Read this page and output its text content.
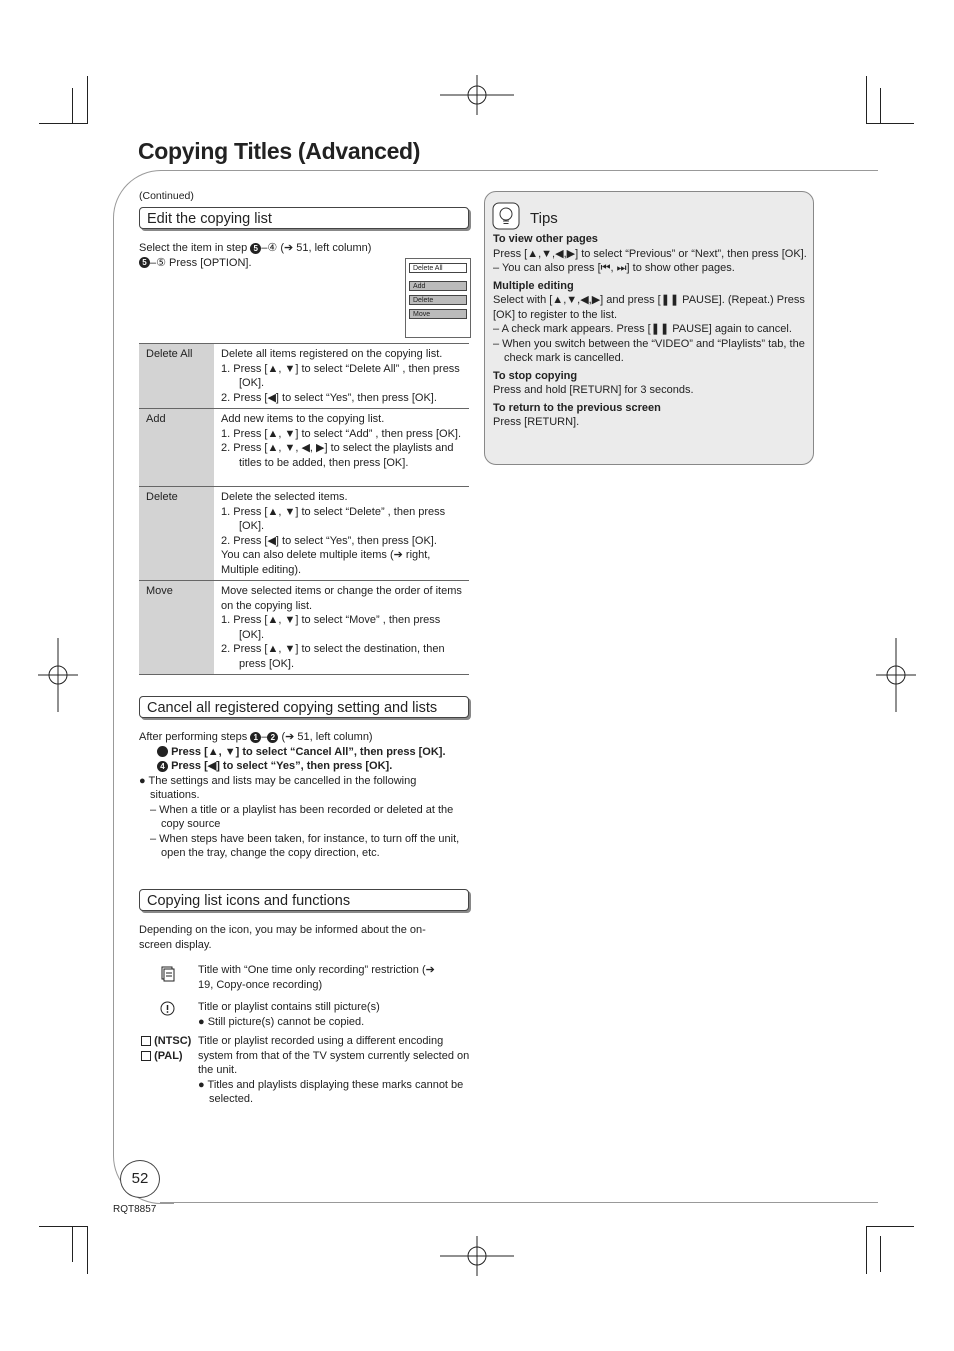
Copying Titles (Advanced)
(Continued)
Edit the copying list
Select the item in step 5 –④ (➔ 51, left column)
5 –⑤ Press [OPTION].	Delete All
Add
Delete
Move
Delete All	Delete all items registered on the copying list.
1. Press [▲, ▼] to select “Delete All” , then press [OK].
2. Press [◀] to select “Yes”, then press [OK].

Add	Add new items to the copying list.
1. Press [▲, ▼] to select “Add” , then press [OK].
2. Press [▲, ▼, ◀, ▶] to select the playlists and titles to be added, then press [OK].

Delete	Delete the selected items.
1. Press [▲, ▼] to select “Delete” , then press [OK].
2. Press [◀] to select “Yes”, then press [OK].
You can also delete multiple items (➔ right, Multiple editing).

Move	Move selected items or change the order of items on the copying list.
1. Press [▲, ▼] to select “Move” , then press [OK].
2. Press [▲, ▼] to select the destination, then press [OK].
Cancel all registered copying setting and lists
After performing steps 1 – 2 (➔ 51, left column)
3 Press [▲, ▼] to select “Cancel All”, then press [OK].
4 Press [◀] to select “Yes”, then press [OK].
● The settings and lists may be cancelled in the following situations.
– When a title or a playlist has been recorded or deleted at the copy source
– When steps have been taken, for instance, to turn off the unit, open the tray, change the copy direction, etc.
Copying list icons and functions
Depending on the icon, you may be informed about the on-screen display.
Title with “One time only recording” restriction (➔ 19, Copy-once recording)
Title or playlist contains still picture(s)
● Still picture(s) cannot be copied.
(NTSC)
(PAL)
Title or playlist recorded using a different encoding system from that of the TV system currently selected on the unit.
● Titles and playlists displaying these marks cannot be selected.
Tips
To view other pages
Press [▲,▼,◀,▶] to select “Previous” or “Next”, then press [OK].
– You can also press [⏮, ⏭] to show other pages.
Multiple editing
Select with [▲,▼,◀,▶] and press [❚❚ PAUSE]. (Repeat.) Press [OK] to register to the list.
– A check mark appears. Press [❚❚ PAUSE] again to cancel.
– When you switch between the “VIDEO” and “Playlists” tab, the check mark is cancelled.
To stop copying
Press and hold [RETURN] for 3 seconds.
To return to the previous screen
Press [RETURN].
52
RQT8857
